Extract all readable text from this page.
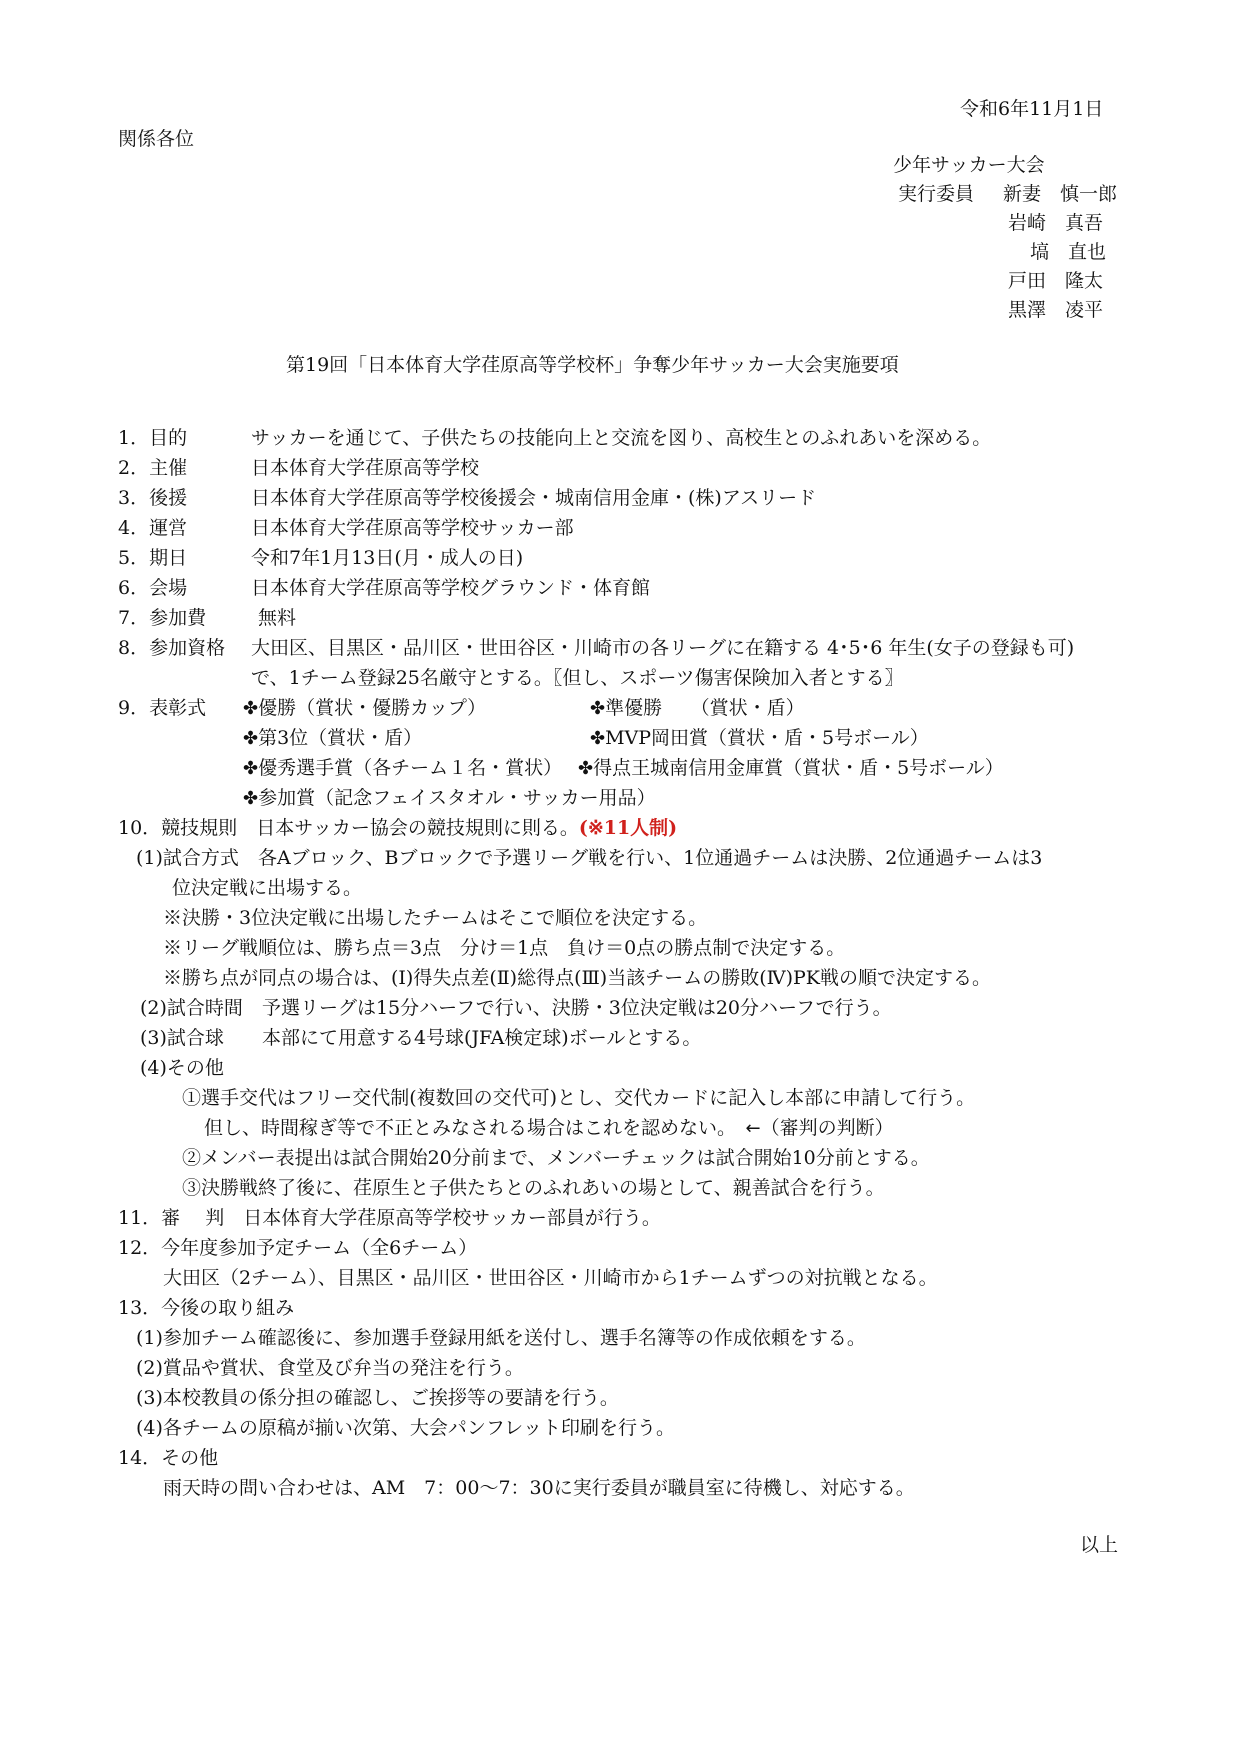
令和6年11月1日
関係各位
少年サッカー大会
実行委員 新妻　慎一郎
岩崎　真吾
塙　直也
戸田　隆太
黒澤　凌平
第19回「日本体育大学荏原高等学校杯」争奪少年サッカー大会実施要項
1．目的	サッカーを通じて、子供たちの技能向上と交流を図り、高校生とのふれあいを深める。
2．主催	日本体育大学荏原高等学校
3．後援	日本体育大学荏原高等学校後援会・城南信用金庫・(株)アスリード
4．運営	日本体育大学荏原高等学校サッカー部
5．期日	令和7年1月13日(月・成人の日)
6．会場	日本体育大学荏原高等学校グラウンド・体育館
7．参加費	無料
8．参加資格 大田区、目黒区・品川区・世田谷区・川崎市の各リーグに在籍する 4･5･6 年生(女子の登録も可)
で、1チーム登録25名厳守とする。〖但し、スポーツ傷害保険加入者とする〗
9．表彰式 ✤優勝（賞状・優勝カップ）	✤準優勝　　（賞状・盾）
✤第3位（賞状・盾）	✤MVP岡田賞（賞状・盾・5号ボール）
✤優秀選手賞（各チーム１名・賞状） ✤得点王城南信用金庫賞（賞状・盾・5号ボール）
✤参加賞（記念フェイスタオル・サッカー用品）
10．競技規則　 日本サッカー協会の競技規則に則る。(※11人制)
(1)試合方式　 各Aブロック、Bブロックで予選リーグ戦を行い、1位通過チームは決勝、2位通過チームは3
位決定戦に出場する。
※決勝・3位決定戦に出場したチームはそこで順位を決定する。
※リーグ戦順位は、勝ち点＝3点　分け＝1点　負け＝0点の勝点制で決定する。
※勝ち点が同点の場合は、(Ⅰ)得失点差(Ⅱ)総得点(Ⅲ)当該チームの勝敗(Ⅳ)PK戦の順で決定する。
(2)試合時間　 予選リーグは15分ハーフで行い、決勝・3位決定戦は20分ハーフで行う。
(3)試合球　　 本部にて用意する4号球(JFA検定球)ボールとする。
(4)その他
①選手交代はフリー交代制(複数回の交代可)とし、交代カードに記入し本部に申請して行う。
但し、時間稼ぎ等で不正とみなされる場合はこれを認めない。　 ←（審判の判断）
②メンバー表提出は試合開始20分前まで、メンバーチェックは試合開始10分前とする。
③決勝戦終了後に、荏原生と子供たちとのふれあいの場として、親善試合を行う。
11．審　 判　 日本体育大学荏原高等学校サッカー部員が行う。
12．今年度参加予定チーム（全6チーム）
大田区（2チーム）、目黒区・品川区・世田谷区・川崎市から1チームずつの対抗戦となる。
13．今後の取り組み
(1)参加チーム確認後に、参加選手登録用紙を送付し、選手名簿等の作成依頼をする。
(2)賞品や賞状、食堂及び弁当の発注を行う。
(3)本校教員の係分担の確認し、ご挨拶等の要請を行う。
(4)各チームの原稿が揃い次第、大会パンフレット印刷を行う。
14．その他
雨天時の問い合わせは、AM　7：00〜7：30に実行委員が職員室に待機し、対応する。
以上
